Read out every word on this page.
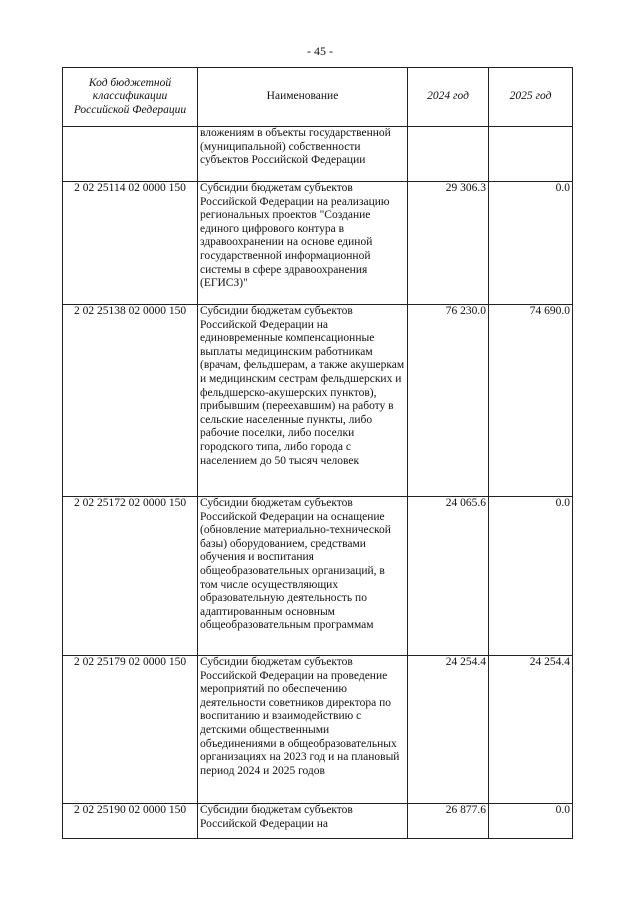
- 45 -
Код бюджетной классификации Российской Федерации	Наименование	2024 год	2025 год
	вложениям в объекты государственной (муниципальной) собственности субъектов Российской Федерации		
2 02 25114 02 0000 150	Субсидии бюджетам субъектов Российской Федерации на реализацию региональных проектов "Создание единого цифрового контура в здравоохранении на основе единой государственной информационной системы в сфере здравоохранения (ЕГИСЗ)"	29 306.3	0.0
2 02 25138 02 0000 150	Субсидии бюджетам субъектов Российской Федерации на единовременные компенсационные выплаты медицинским работникам (врачам, фельдшерам, а также акушеркам и медицинским сестрам фельдшерских и фельдшерско-акушерских пунктов), прибывшим (переехавшим) на работу в сельские населенные пункты, либо рабочие поселки, либо поселки городского типа, либо города с населением до 50 тысяч человек	76 230.0	74 690.0
2 02 25172 02 0000 150	Субсидии бюджетам субъектов Российской Федерации на оснащение (обновление материально-технической базы) оборудованием, средствами обучения и воспитания общеобразовательных организаций, в том числе осуществляющих образовательную деятельность по адаптированным основным общеобразовательным программам	24 065.6	0.0
2 02 25179 02 0000 150	Субсидии бюджетам субъектов Российской Федерации на проведение мероприятий по обеспечению деятельности советников директора по воспитанию и взаимодействию с детскими общественными объединениями в общеобразовательных организациях на 2023 год и на плановый период 2024 и 2025 годов	24 254.4	24 254.4
2 02 25190 02 0000 150	Субсидии бюджетам субъектов Российской Федерации на	26 877.6	0.0
